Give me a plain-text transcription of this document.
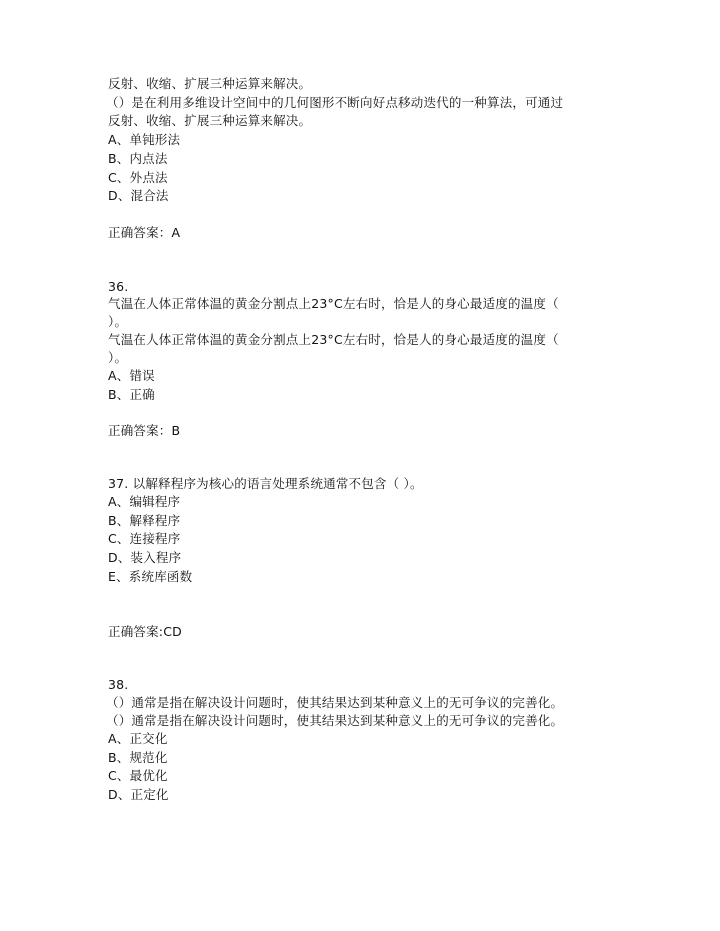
反射、收缩、扩展三种运算来解决。
（）是在利用多维设计空间中的几何图形不断向好点移动迭代的一种算法，可通过
反射、收缩、扩展三种运算来解决。
A、单钝形法
B、内点法
C、外点法
D、混合法
正确答案：A
36.
气温在人体正常体温的黄金分割点上23°C左右时，恰是人的身心最适度的温度（
）。
气温在人体正常体温的黄金分割点上23°C左右时，恰是人的身心最适度的温度（
）。
A、错误
B、正确
正确答案：B
37. 以解释程序为核心的语言处理系统通常不包含（ ）。
A、编辑程序
B、解释程序
C、连接程序
D、装入程序
E、系统库函数
正确答案:CD
38.
（）通常是指在解决设计问题时，使其结果达到某种意义上的无可争议的完善化。
（）通常是指在解决设计问题时，使其结果达到某种意义上的无可争议的完善化。
A、正交化
B、规范化
C、最优化
D、正定化
